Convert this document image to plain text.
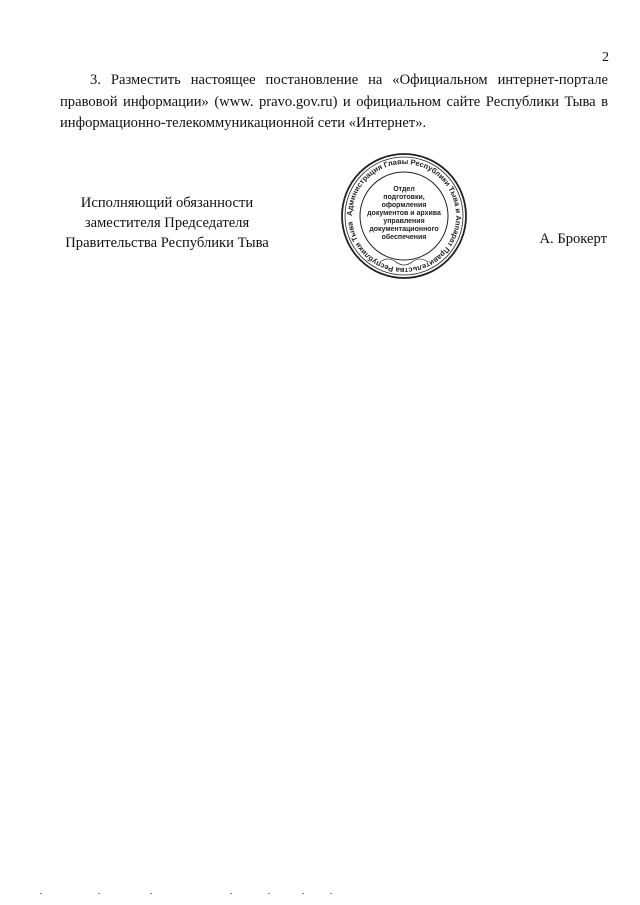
2

3. Разместить настоящее постановление на «Официальном интернет-портале правовой информации» (www. pravo.gov.ru) и официальном сайте Республики Тыва в информационно-телекоммуникационной сети «Интернет».

Исполняющий обязанности
заместителя Председателя
Правительства Республики Тыва
Администрация Главы Республики Тыва и Аппарат Правительства Республики Тыва
Отдел
подготовки,
оформления
документов и архива
управления
документационного
обеспечения	А. Брокерт
